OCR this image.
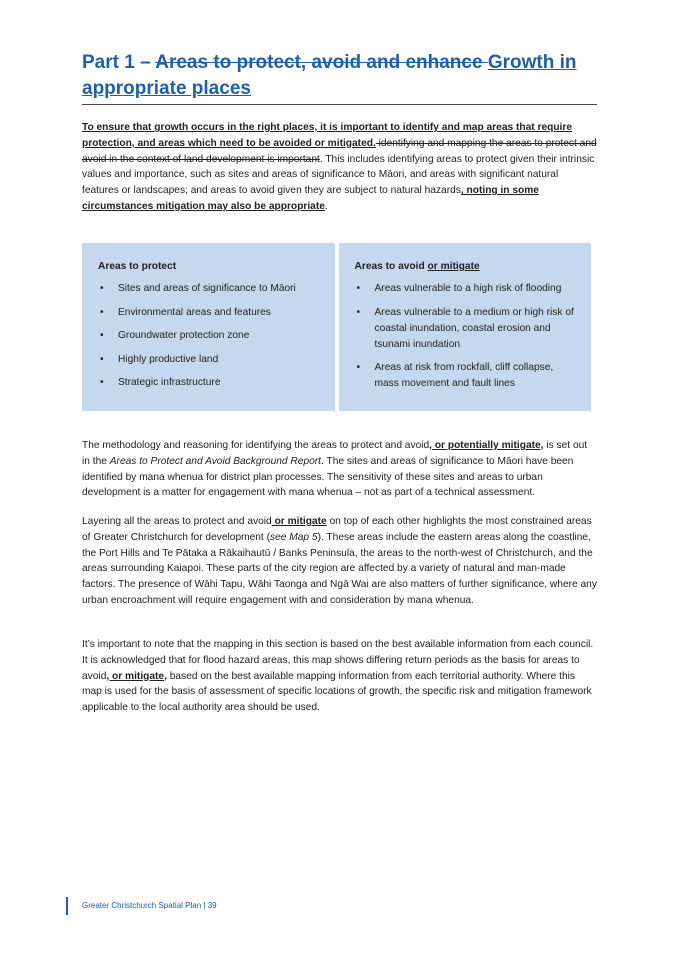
Part 1 – Areas to protect, avoid and enhance Growth in appropriate places
To ensure that growth occurs in the right places, it is important to identify and map areas that require protection, and areas which need to be avoided or mitigated. identifying and mapping the areas to protect and avoid in the context of land development is important. This includes identifying areas to protect given their intrinsic values and importance, such as sites and areas of significance to Māori, and areas with significant natural features or landscapes; and areas to avoid given they are subject to natural hazards, noting in some circumstances mitigation may also be appropriate.
Areas to protect
• Sites and areas of significance to Māori
• Environmental areas and features
• Groundwater protection zone
• Highly productive land
• Strategic infrastructure
Areas to avoid or mitigate
• Areas vulnerable to a high risk of flooding
• Areas vulnerable to a medium or high risk of coastal inundation, coastal erosion and tsunami inundation
• Areas at risk from rockfall, cliff collapse, mass movement and fault lines
The methodology and reasoning for identifying the areas to protect and avoid, or potentially mitigate, is set out in the Areas to Protect and Avoid Background Report. The sites and areas of significance to Māori have been identified by mana whenua for district plan processes. The sensitivity of these sites and areas to urban development is a matter for engagement with mana whenua – not as part of a technical assessment.
Layering all the areas to protect and avoid or mitigate on top of each other highlights the most constrained areas of Greater Christchurch for development (see Map 5). These areas include the eastern areas along the coastline, the Port Hills and Te Pātaka a Rākaihautū / Banks Peninsula, the areas to the north-west of Christchurch, and the areas surrounding Kaiapoi. These parts of the city region are affected by a variety of natural and man-made factors. The presence of Wāhi Tapu, Wāhi Taonga and Ngā Wai are also matters of further significance, where any urban encroachment will require engagement with and consideration by mana whenua.
It’s important to note that the mapping in this section is based on the best available information from each council. It is acknowledged that for flood hazard areas, this map shows differing return periods as the basis for areas to avoid, or mitigate, based on the best available mapping information from each territorial authority. Where this map is used for the basis of assessment of specific locations of growth, the specific risk and mitigation framework applicable to the local authority area should be used.
Greater Christchurch Spatial Plan | 39
